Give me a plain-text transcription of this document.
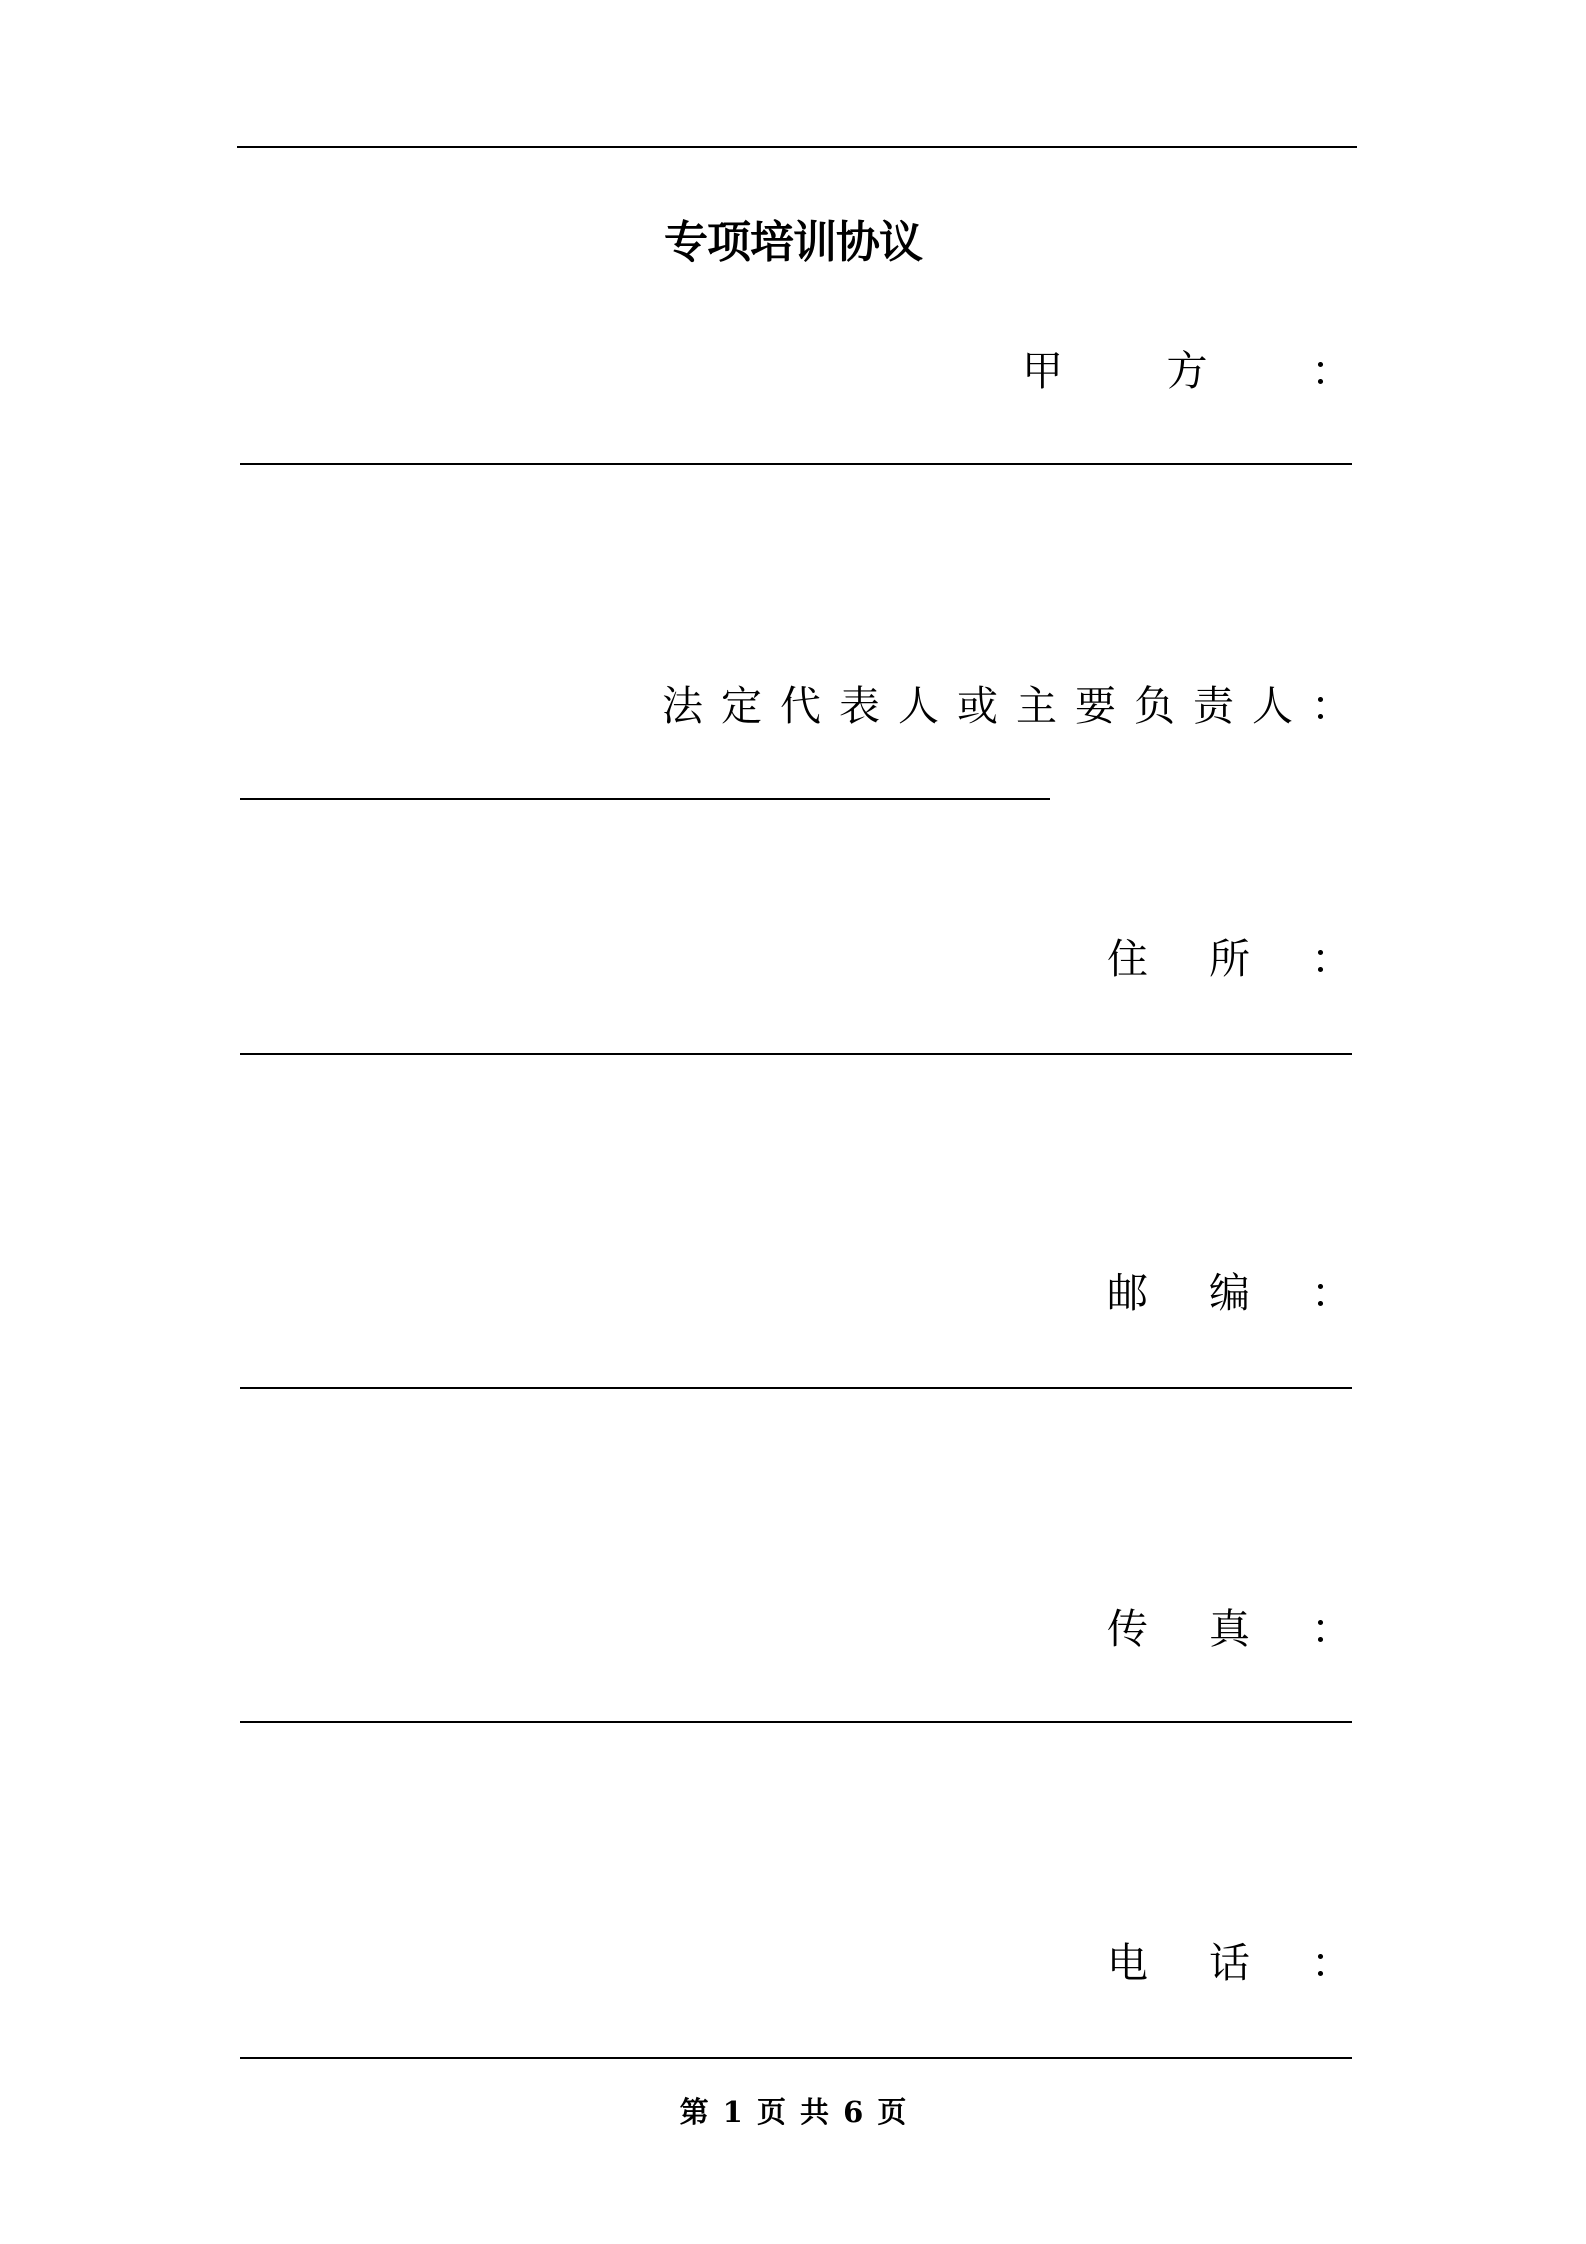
专项培训协议
甲	方	：
法 定 代 表 人 或 主 要 负 责 人 ：
住 所 ：
邮 编 ：
传 真 ：
电 话 ：
第 1 页 共 6 页
